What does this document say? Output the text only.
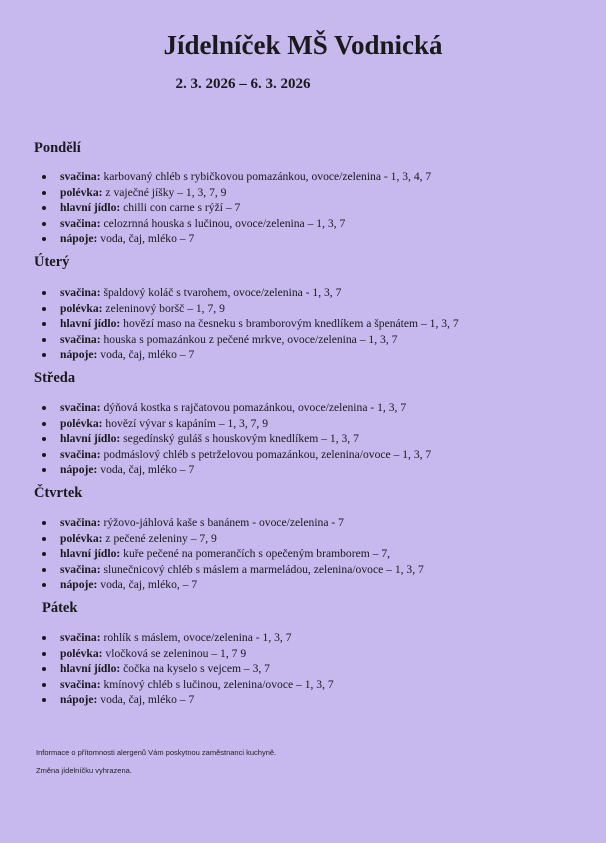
Jídelníček MŠ Vodnická
2. 3. 2026 – 6. 3. 2026
Pondělí
svačina: karbovaný chléb s rybičkovou pomazánkou, ovoce/zelenina - 1, 3, 4, 7
polévka: z vaječné jíšky – 1, 3, 7, 9
hlavní jídlo: chilli con carne s rýží – 7
svačina: celozrnná houska s lučinou, ovoce/zelenina – 1, 3, 7
nápoje: voda, čaj, mléko – 7
Úterý
svačina: špaldový koláč s tvarohem, ovoce/zelenina - 1, 3, 7
polévka: zeleninový boršč – 1, 7, 9
hlavní jídlo: hovězí maso na česneku s bramborovým knedlíkem a špenátem – 1, 3, 7
svačina: houska s pomazánkou z pečené mrkve, ovoce/zelenina – 1, 3, 7
nápoje: voda, čaj, mléko – 7
Středa
svačina: dýňová kostka s rajčatovou pomazánkou, ovoce/zelenina - 1, 3, 7
polévka: hovězí vývar s kapáním – 1, 3, 7, 9
hlavní jídlo: segedínský guláš s houskovým knedlíkem – 1, 3, 7
svačina: podmáslový chléb s petrželovou pomazánkou, zelenina/ovoce – 1, 3, 7
nápoje: voda, čaj, mléko – 7
Čtvrtek
svačina: rýžovo-jáhlová kaše s banánem - ovoce/zelenina - 7
polévka: z pečené zeleniny – 7, 9
hlavní jídlo: kuře pečené na pomerančích s opečeným bramborem – 7,
svačina: slunečnicový chléb s máslem a marmeládou, zelenina/ovoce – 1, 3, 7
nápoje: voda, čaj, mléko, – 7
Pátek
svačina: rohlík s máslem, ovoce/zelenina - 1, 3, 7
polévka: vločková se zeleninou – 1, 7 9
hlavní jídlo: čočka na kyselo s vejcem – 3, 7
svačina: kmínový chléb s lučinou, zelenina/ovoce – 1, 3, 7
nápoje: voda, čaj, mléko – 7
Informace o přítomnosti alergenů Vám poskytnou zaměstnanci kuchyně.
Změna jídelníčku vyhrazena.
